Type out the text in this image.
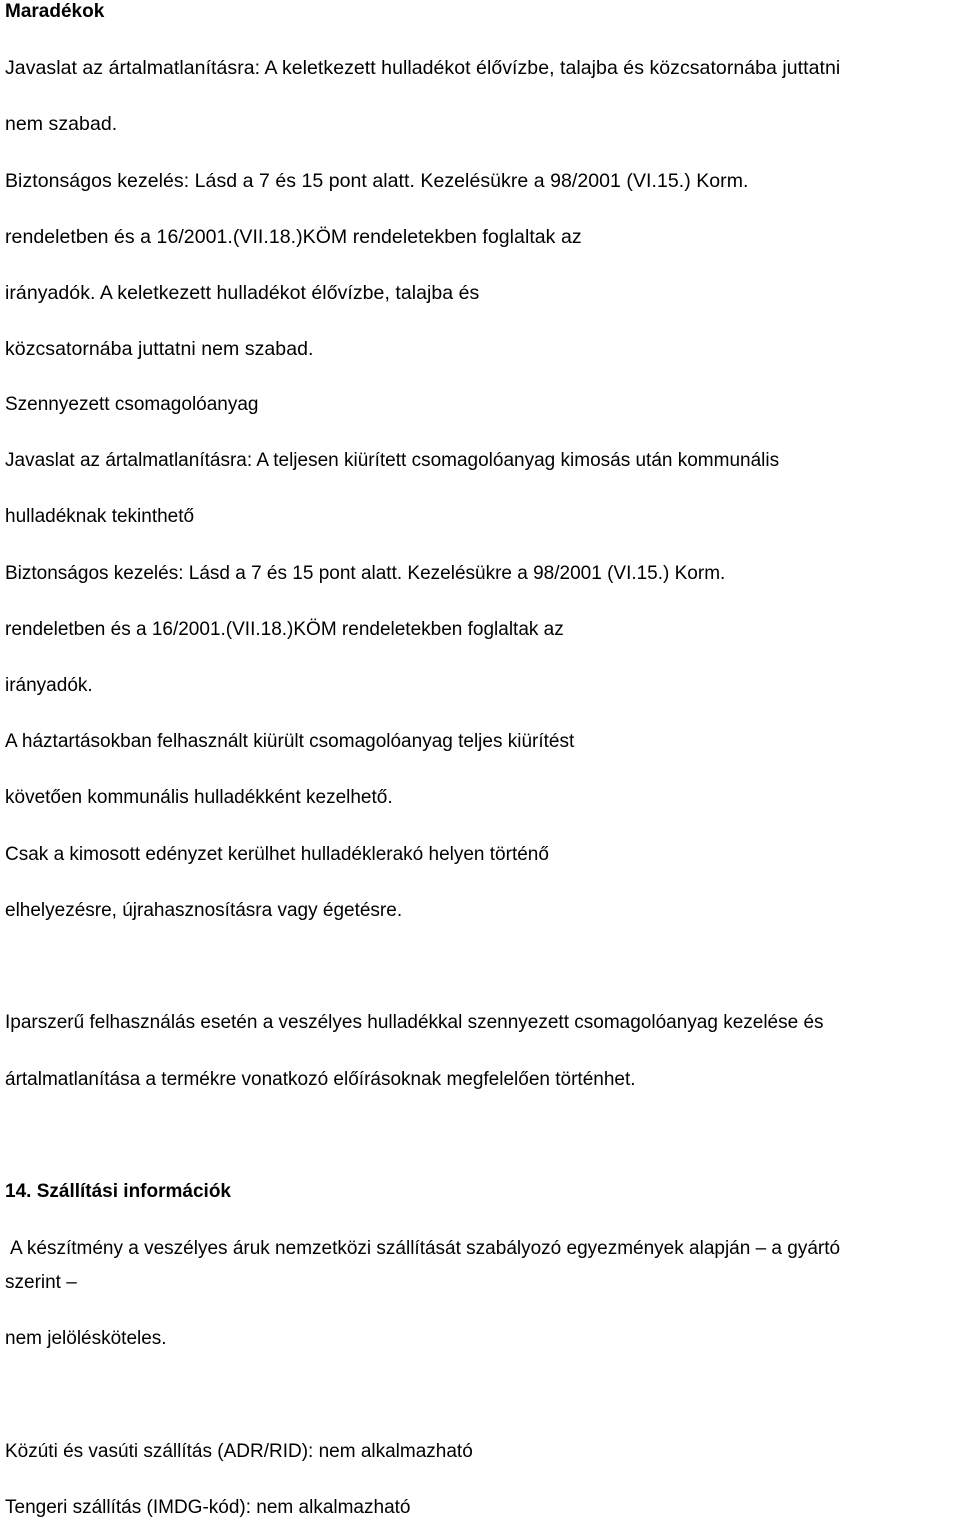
Maradékok
Javaslat az ártalmatlanításra: A keletkezett hulladékot élővízbe, talajba és közcsatornába juttatni
nem szabad.
Biztonságos kezelés: Lásd a 7 és 15 pont alatt. Kezelésükre a 98/2001 (VI.15.) Korm.
rendeletben és a 16/2001.(VII.18.)KÖM rendeletekben foglaltak az
irányadók. A keletkezett hulladékot élővízbe, talajba és
közcsatornába juttatni nem szabad.
Szennyezett csomagolóanyag
Javaslat az ártalmatlanításra: A teljesen kiürített csomagolóanyag kimosás után kommunális
hulladéknak tekinthető
Biztonságos kezelés: Lásd a 7 és 15 pont alatt. Kezelésükre a 98/2001 (VI.15.) Korm.
rendeletben és a 16/2001.(VII.18.)KÖM rendeletekben foglaltak az
irányadók.
A háztartásokban felhasznált kiürült csomagolóanyag teljes kiürítést
követően kommunális hulladékként kezelhető.
Csak a kimosott edényzet kerülhet hulladéklerakó helyen történő
elhelyezésre, újrahasznosításra vagy égetésre.
Iparszerű felhasználás esetén a veszélyes hulladékkal szennyezett csomagolóanyag kezelése és
ártalmatlanítása a termékre vonatkozó előírásoknak megfelelően történhet.
14. Szállítási információk
A készítmény a veszélyes áruk nemzetközi szállítását szabályozó egyezmények alapján – a gyártó
szerint –
nem jelölésköteles.
Közúti és vasúti szállítás (ADR/RID): nem alkalmazható
Tengeri szállítás (IMDG-kód): nem alkalmazható
